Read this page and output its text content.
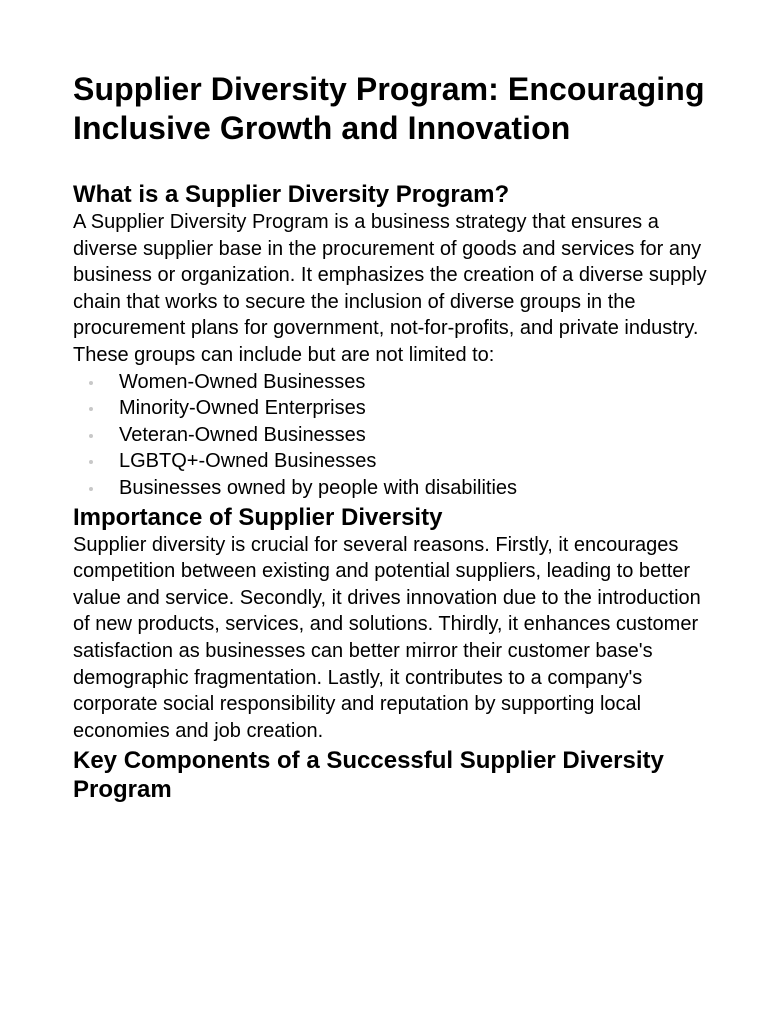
Supplier Diversity Program: Encouraging Inclusive Growth and Innovation
What is a Supplier Diversity Program?

A Supplier Diversity Program is a business strategy that ensures a diverse supplier base in the procurement of goods and services for any business or organization. It emphasizes the creation of a diverse supply chain that works to secure the inclusion of diverse groups in the procurement plans for government, not-for-profits, and private industry.

These groups can include but are not limited to:

Women-Owned Businesses
Minority-Owned Enterprises
Veteran-Owned Businesses
LGBTQ+-Owned Businesses
Businesses owned by people with disabilities
Importance of Supplier Diversity

Supplier diversity is crucial for several reasons. Firstly, it encourages competition between existing and potential suppliers, leading to better value and service. Secondly, it drives innovation due to the introduction of new products, services, and solutions. Thirdly, it enhances customer satisfaction as businesses can better mirror their customer base's demographic fragmentation. Lastly, it contributes to a company's corporate social responsibility and reputation by supporting local economies and job creation.

Key Components of a Successful Supplier Diversity Program
